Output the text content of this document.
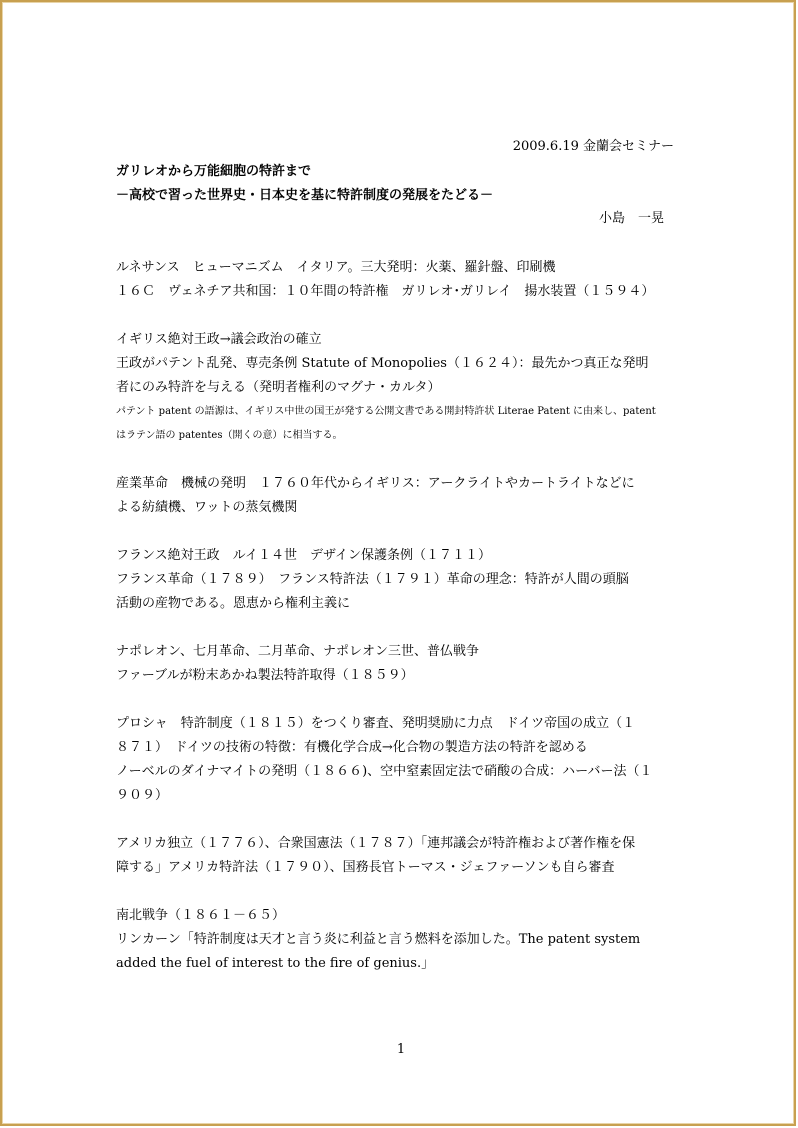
2009.6.19 金蘭会セミナー
小島　一晃
ガリレオから万能細胞の特許まで
－高校で習った世界史・日本史を基に特許制度の発展をたどる－
ルネサンス　ヒューマニズム　イタリア。三大発明：火薬、羅針盤、印刷機
１６Ｃ　ヴェネチア共和国：１０年間の特許権　ガリレオ･ガリレイ　揚水装置（１５９４）
イギリス絶対王政→議会政治の確立
王政がパテント乱発、専売条例 Statute of Monopolies（１６２４）：最先かつ真正な発明
者にのみ特許を与える（発明者権利のマグナ・カルタ）
パテント patent の語源は、イギリス中世の国王が発する公開文書である開封特許状 Literae Patent に由来し、patent
はラテン語の patentes（開くの意）に相当する。
産業革命　機械の発明　１７６０年代からイギリス：アークライトやカートライトなどに
よる紡績機、ワットの蒸気機関
フランス絶対王政　ルイ１４世　デザイン保護条例（１７１１）
フランス革命（１７８９）　フランス特許法（１７９１）革命の理念：特許が人間の頭脳
活動の産物である。恩恵から権利主義に
ナポレオン、七月革命、二月革命、ナポレオン三世、普仏戦争
ファーブルが粉末あかね製法特許取得（１８５９）
プロシャ　特許制度（１８１５）をつくり審査、発明奨励に力点　ドイツ帝国の成立（１
８７１）　ドイツの技術の特徴：有機化学合成→化合物の製造方法の特許を認める
ノーベルのダイナマイトの発明（１８６６)、空中窒素固定法で硝酸の合成：ハーバー法（１
９０９）
アメリカ独立（１７７６）、合衆国憲法（１７８７）「連邦議会が特許権および著作権を保
障する」アメリカ特許法（１７９０）、国務長官トーマス・ジェファーソンも自ら審査
南北戦争（１８６１－６５）
リンカーン「特許制度は天才と言う炎に利益と言う燃料を添加した。The patent system
added the fuel of interest to the fire of genius.」
1
